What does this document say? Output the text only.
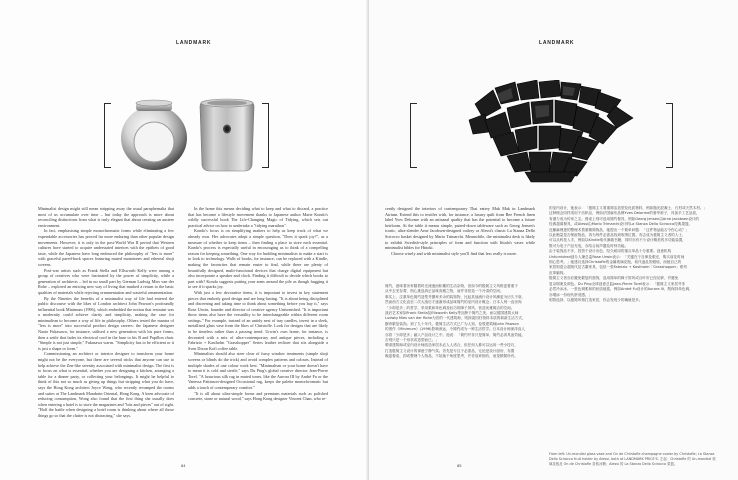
LANDMARK
Minimalist design might still mean stripping away the usual paraphernalia that most of us accumulate over time – but today the approach is more about reconciling distinctions from what is truly elegant that about creating an austere environment.
In fact, emphasising simple monochromatic forms while eliminating a few expendable accessories has proved far more enduring than other popular design movements. However, it is only in the post-World War II period that Western cultures have started to acquire understated interiors with the epithets of good taste, while the Japanese have long embraced the philosophy of "less is more" with graceful pared-back spaces featuring muted monotones and ethereal shoji screens.
Post-war artists such as Frank Stella and Ellsworth Kelly were among a group of creatives who were fascinated by the power of simplicity, while a generation of architects – led in no small part by German Ludwig Mies van der Rohe – explored an enticing new way of living that marked a return to the basic qualities of materials while rejecting ornamentation and wasteful ornamentation.
By the Nineties the benefits of a minimalist way of life had entered the public discourse with the likes of London architect John Pawson's profoundly influential book Minimum (1996), which embedded the notion that restraint was a modernity could achieve clarity and simplicity, making the case for minimalism to become a way of life in philosophy. Others tested the mantra of "less is more" into successful product design careers: the Japanese designer Naoto Fukasawa, for instance, utilised a new generation with his pure forms, then a settle that fades its electrical cord in the base to his B and Papillon chair. "Simple is not just simple," Fukasawa warns. "Simplicity has to be efficient or it is just a shape or form."
Commissioning an architect or interior designer to transform your home might not be the everyone, but there are several tricks that anyone can use to help achieve the Zen-like serenity associated with minimalist design. The first is to focus on what is essential, whether you are designing a kitchen, arranging a table for a dinner party, or collecting your belongings. It might be helpful to think of this not so much as giving up things but stripping what you do have, says the Hong Kong architect Joyce Wong, who recently revamped the rooms and suites at The Landmark Mandarin Oriental, Hong Kong. A keen advocate of reducing consumption, Wong also found that the first thing she usually does when entering a hotel is to store the magazines and "bits and pieces" out of sight. "Half the battle when designing a hotel room is thinking about where all those things go so that the clutter is not distracting," she says.
In the home this means deciding what to keep and what to discard, a practice that has become a lifestyle movement thanks to Japanese author Marie Kondo's wildly successful book The Life-Changing Magic of Tidying, which sets out practical advice on how to undertake a "tidying marathon".
Kondo's focus is on simplifying matters to help us keep track of what we already own. Her advocates adopt a simple question, "Does it spark joy?", as a measure of whether to keep items – then finding a place to store each essential. Kondo's process is especially useful in encouraging us to think of a compelling reason for keeping something. One way for budding minimalists to make a start is to look to technology. Walls of books, for instance, can be replaced with a Kindle, making the favourites that remain easier to find, while there are plenty of beautifully designed, multi-functional devices that charge digital equipment but also incorporate a speaker and clock. Finding it difficult to decide which books to part with? Kondo suggests putting your arms around the pile as though hugging it to see if it sparks joy.
With just a few decorative items, it is important to invest in key statement pieces that embody good design and are long-lasting. "It is about being disciplined and discerning and taking time to think about something before you buy it," says Rose Urwin, founder and director of creative agency Unfurnished. "It is important those items also have the versatility to be interchangeable within different room settings." For example, instead of an untidy nest of tray candles, invest in a sleek, metallised glass vase from the likes of Christofle. Look for designs that are likely to be timeless rather than a passing trend. Urwin's own home, for instance, is decorated with a mix of ultra-contemporary and antique pieces, including a Fabrizio + Kastholm "Grasshopper" Series leather recliner that sits alongside a Sven Dixon Kofi coffee table.
Minimalists should also steer clear of fussy window treatments (simple shoji screens or blinds do the trick) and avoid complex patterns and colours. Instead of multiple shades of one colour work best. "Minimalism or your home doesn't have to mean it is cold and sterile," says Du Ping's global creative director Jean-Pierre Torel. "A luxurious silk rug in muted tones, like the Aurora III by André Fu or the Vanessa Pattinson-designed Occasional rug, keeps the palette monochromatic but adds a touch of contemporary comfort."
"It is all about ultra-simple forms and premium materials such as polished concrete, stone or natural wood," says Hong Kong designer Vincent Chan, who re-
84
LANDMARK
cently designed the interiors of contemporary Thai eatery Mak Mak in Landmark Atrium. Extend this to textiles with, for instance, a luxury quilt from Bee French linen label Yves Delorme with an artisanal quality that has the potential to become a future heirloom. At the table it means simple, paired-down tableware such as Georg Jensen's iconic, ultra-slender Arne Jacobsen-designed cutlery or Alessi's classic La Stanza Dello Scirocco basket designed by Mario Trimarchi. Meanwhile, the minimalist desk is likely to exhibit Swedish-style principles of form and function with Iittala's vases while minimalist bibles for Hinoki.
Choose wisely and with minimalist style you'll find that less really is more.
简约，意味着舍弃随着时光流逝而积累的生活杂物，但如今的极简主义风格更着重于
从中去芜存菁，细心挑选真正品味高雅之物，而并非营造一个冷清的空间。
事实上，注重单色简约造型并摒弃多余的装饰物，比起其他流行设计风潮更为历久不衰，
然而西方文化直至二次大战后才逐渐形成品味简约的室内设计概念；日本人则一直崇尚
「少即是多」的哲学，采用柔和单色调及轻巧的障子屏风，营造优雅简洁的空间。
战后艺术家如Frank Stella及Ellsworth Kelly等沉醉于简约之美，而以德国建筑大师
Ludwig Mies van der Rohe为首的一代建筑师，则探索回归物料本质的崭新生活方式，
摒弃繁复装饰。到了九十年代，极简生活方式已广为人知，伦敦建筑师John Pawson
的著作《Minimum》(1996)影响深远，令简约成为一种生活哲学。日本设计师深泽直人
亦将「少即是多」融入产品设计之中。他说：「简约并非只是简单，简约必须具备效能，
否则只是一个形状或造型而已。」
聘请建筑师或室内设计师改造家居未必人人适合，但任何人都可以运用一些小技巧，
打造极简主义设计的禅意宁静气氛。首先是专注于必需品，无论是设计厨房、布置
晚宴餐桌，抑或整理个人物品，不妨换个角度思考，并非放弃拥有，而是精简所有。
的室内设计，他表示：「极简主义着重简洁造型及优质物料，例如抛光混凝土、石材或天然木材。」
这种理念同样适用于纺织品，例如法国麻布品牌Yves Delorme的奢华被子，具备手工艺品质，
有潜力成为传家之宝。餐桌上则可选用简约餐具，例如Georg Jensen由Arne Jacobsen设计的
经典超薄餐具，或Alessi由Mario Trimarchi设计的La Stanza Dello Scirocco经典果篮。
近藤麻理惠的整理术着重精简物品，她提出一个简单问题：「这件物品能否令你心动？」
以此衡量是否保留物品，再为每件必需品找到收纳位置。有志成为极简主义者的人士，
可以从科技入手，例如以Kindle取代满墙书籍，同时亦有不少设计精美的多功能装置，
既可为电子产品充电，亦结合扬声器及时钟功能。
由于装饰品不多，投资于设计出色、经久耐用的重点单品十分重要。创意机构
Unfurnished创办人兼总监Rose Urwin表示：「关键在于自律及眼光，购买前花时间
细心思考。」她建议选择Christofle的金属玻璃花瓶，取代凌乱的蜡烛，而她自己的
家居则混合超现代及古董家具，包括一张Fabrizio + Kastholm「Grasshopper」系列
皮革躺椅。
极简主义者亦应避免繁复的窗饰，选用简单的障子屏风或百叶帘已经足够，并避免
复杂图案及颜色。Du Ping全球创意总监Jean-Pierre Torel表示：「极简主义家居并非
必然冷冰冰，一张色调柔和的丝质地毯，例如André Fu设计的Aurora III，既保持单色调，
亦增添一份现代舒适感。」
明智选择，以极简风格打造家居，你会发现少的确就是多。
From left: Un-mondial glass vase and On de Christofle champagne cooler by Christofle; La Stanza Dello Scirocco fruit holder by Alessi, both at LANDMARK PRICE'S. 左起：Christofle 的 Un-mondial 玻璃花瓶及 On de Christofle 香槟冰桶；Alessi 的 La Stanza Dello Scirocco 果篮。
85
